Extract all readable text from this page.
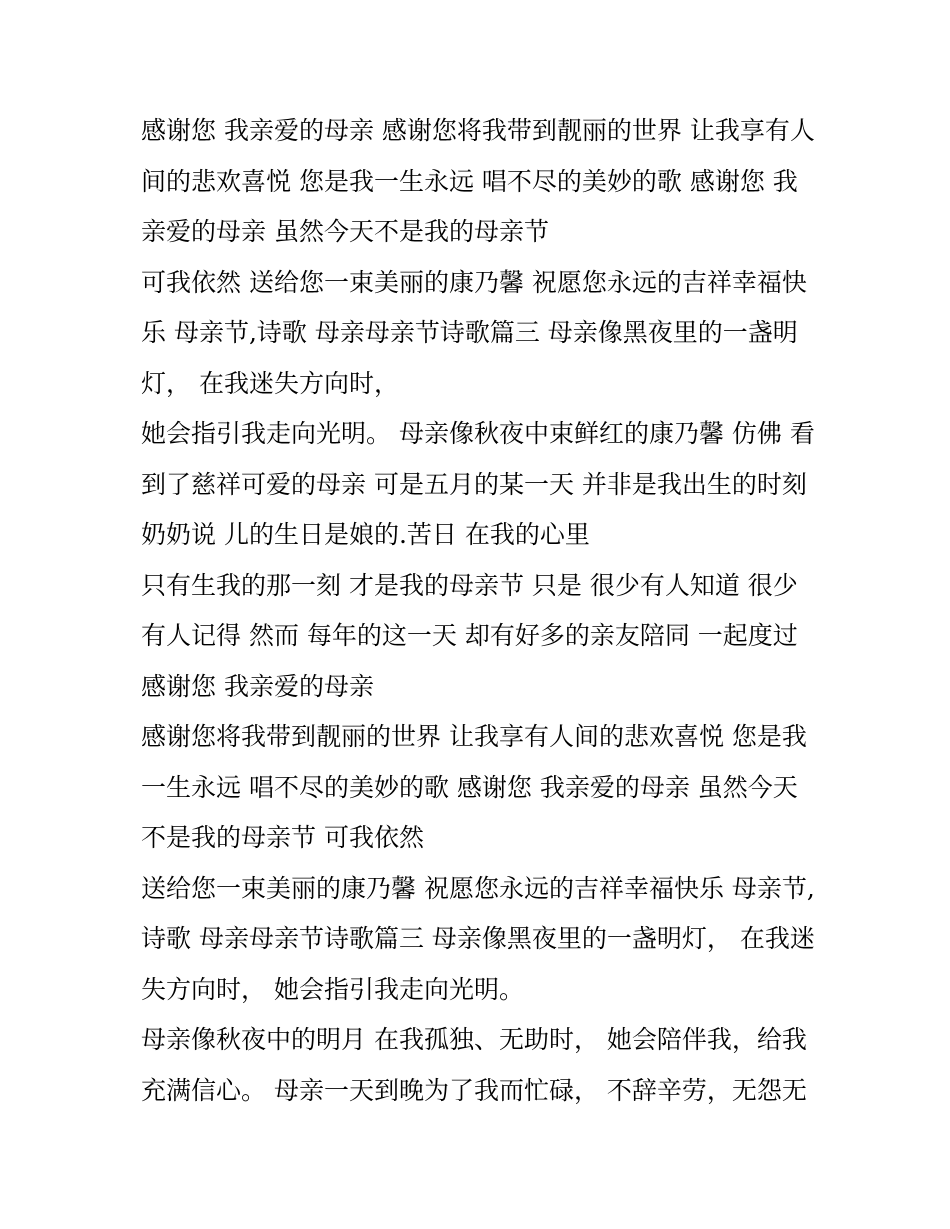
感谢您 我亲爱的母亲 感谢您将我带到靓丽的世界 让我享有人
间的悲欢喜悦 您是我一生永远 唱不尽的美妙的歌 感谢您 我
亲爱的母亲 虽然今天不是我的母亲节

可我依然 送给您一束美丽的康乃馨 祝愿您永远的吉祥幸福快
乐 母亲节,诗歌 母亲母亲节诗歌篇三 母亲像黑夜里的一盏明
灯， 在我迷失方向时，

她会指引我走向光明。 母亲像秋夜中束鲜红的康乃馨 仿佛 看
到了慈祥可爱的母亲 可是五月的某一天 并非是我出生的时刻
奶奶说 儿的生日是娘的.苦日 在我的心里

只有生我的那一刻 才是我的母亲节 只是 很少有人知道 很少
有人记得 然而 每年的这一天 却有好多的亲友陪同 一起度过
感谢您 我亲爱的母亲

感谢您将我带到靓丽的世界 让我享有人间的悲欢喜悦 您是我
一生永远 唱不尽的美妙的歌 感谢您 我亲爱的母亲 虽然今天
不是我的母亲节 可我依然

送给您一束美丽的康乃馨 祝愿您永远的吉祥幸福快乐 母亲节,
诗歌 母亲母亲节诗歌篇三 母亲像黑夜里的一盏明灯， 在我迷
失方向时， 她会指引我走向光明。

母亲像秋夜中的明月 在我孤独、无助时， 她会陪伴我，给我
充满信心。 母亲一天到晚为了我而忙碌， 不辞辛劳，无怨无
